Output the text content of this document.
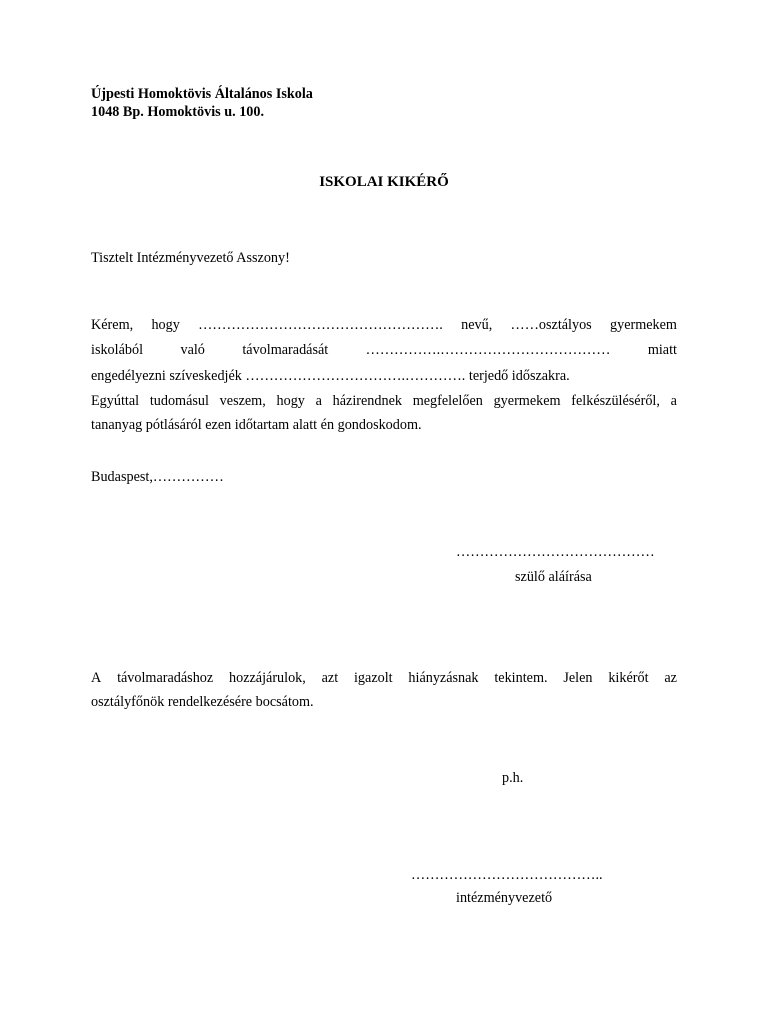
Újpesti Homoktövis Általános Iskola
1048 Bp. Homoktövis u. 100.
ISKOLAI KIKÉRŐ
Tisztelt Intézményvezető Asszony!
Kérem, hogy ……………………………………………. nevű, ……osztályos gyermekem
iskolából	való	távolmaradását	…………….………………………………	miatt
engedélyezni szíveskedjék …………………………….…………. terjedő időszakra.
Egyúttal tudomásul veszem, hogy a házirendnek megfelelően gyermekem felkészüléséről, a
tananyag pótlásáról ezen időtartam alatt én gondoskodom.
Budaspest,……………
……………………………………
szülő aláírása
A távolmaradáshoz hozzájárulok, azt igazolt hiányzásnak tekintem. Jelen kikérőt az
osztályfőnök rendelkezésére bocsátom.
p.h.
…………………………………..
intézményvezető
